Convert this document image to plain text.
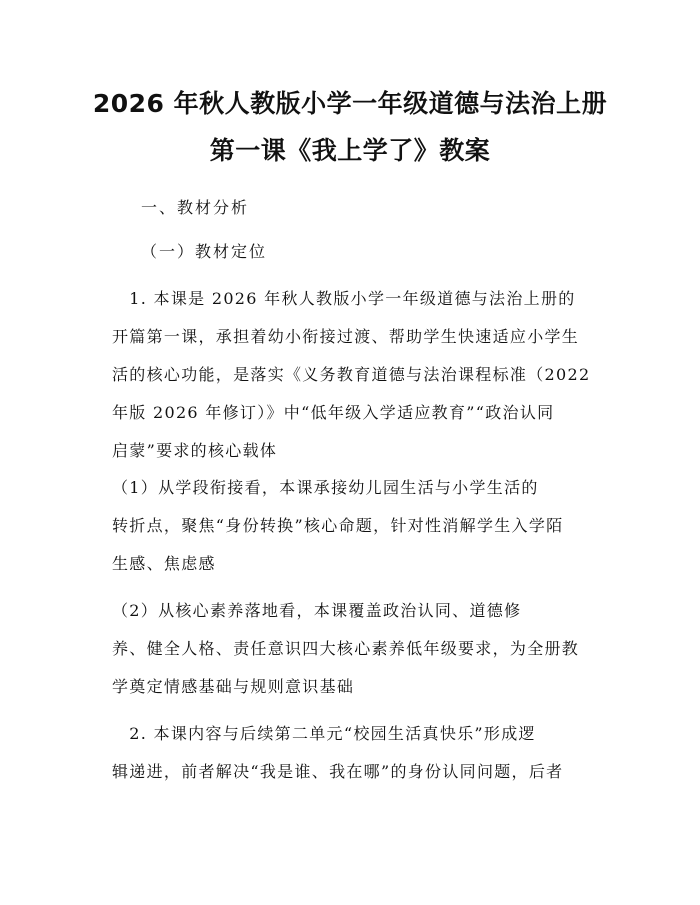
2026 年秋人教版小学一年级道德与法治上册
第一课《我上学了》教案
一、教材分析
（一）教材定位
　1. 本课是 2026 年秋人教版小学一年级道德与法治上册的
开篇第一课，承担着幼小衔接过渡、帮助学生快速适应小学生
活的核心功能，是落实《义务教育道德与法治课程标准（2022
年版 2026 年修订）》中“低年级入学适应教育”“政治认同
启蒙”要求的核心载体
（1）从学段衔接看，本课承接幼儿园生活与小学生活的
转折点，聚焦“身份转换”核心命题，针对性消解学生入学陌
生感、焦虑感
（2）从核心素养落地看，本课覆盖政治认同、道德修
养、健全人格、责任意识四大核心素养低年级要求，为全册教
学奠定情感基础与规则意识基础
　2. 本课内容与后续第二单元“校园生活真快乐”形成逻
辑递进，前者解决“我是谁、我在哪”的身份认同问题，后者
